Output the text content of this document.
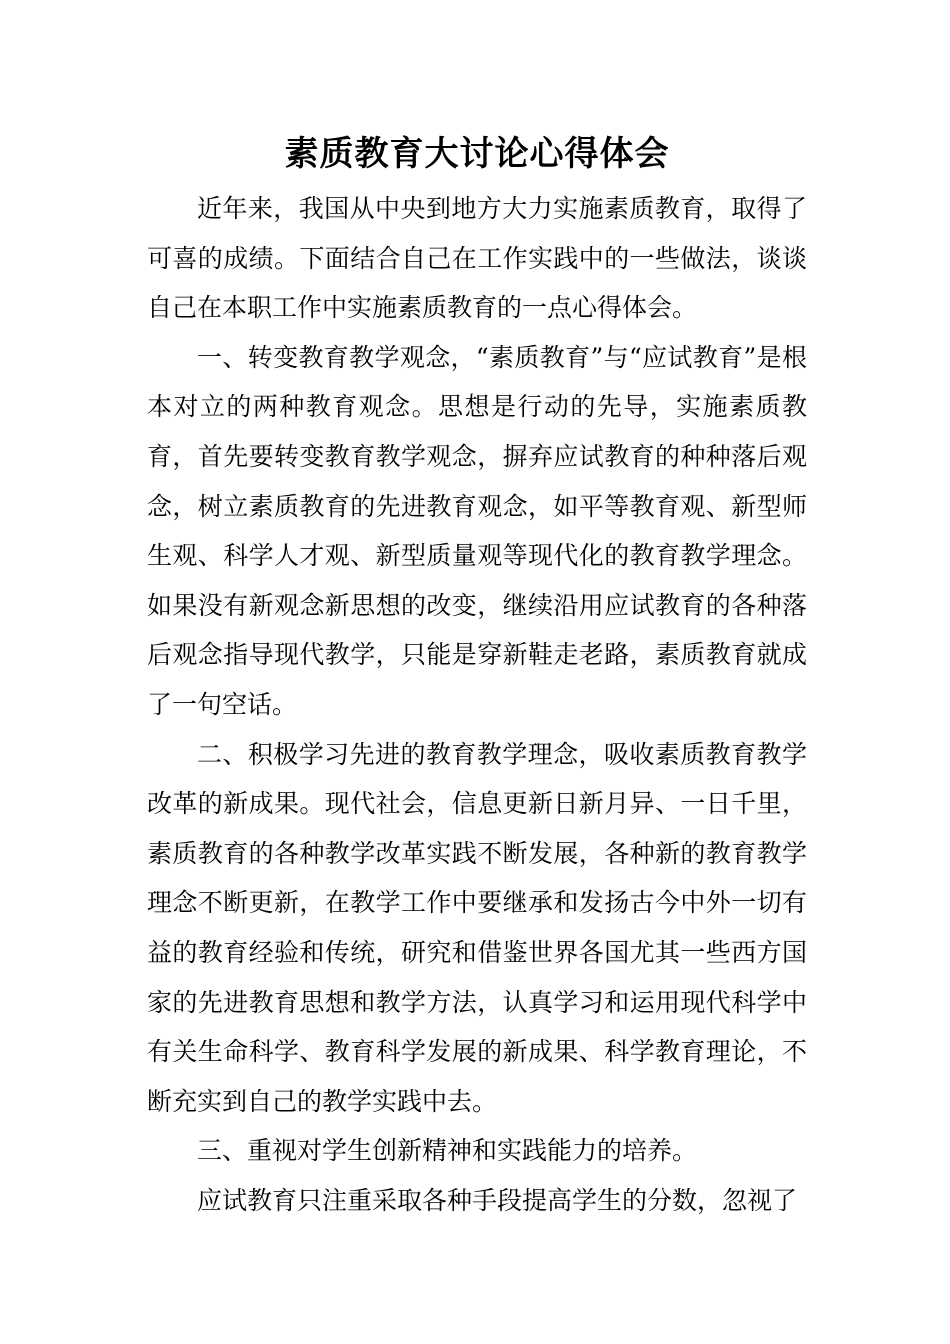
素质教育大讨论心得体会

近年来，我国从中央到地方大力实施素质教育，取得了可喜的成绩。下面结合自己在工作实践中的一些做法，谈谈自己在本职工作中实施素质教育的一点心得体会。

一、转变教育教学观念，“素质教育”与“应试教育”是根本对立的两种教育观念。思想是行动的先导，实施素质教育，首先要转变教育教学观念，摒弃应试教育的种种落后观念，树立素质教育的先进教育观念，如平等教育观、新型师生观、科学人才观、新型质量观等现代化的教育教学理念。如果没有新观念新思想的改变，继续沿用应试教育的各种落后观念指导现代教学，只能是穿新鞋走老路，素质教育就成了一句空话。

二、积极学习先进的教育教学理念，吸收素质教育教学改革的新成果。现代社会，信息更新日新月异、一日千里，素质教育的各种教学改革实践不断发展，各种新的教育教学理念不断更新，在教学工作中要继承和发扬古今中外一切有益的教育经验和传统，研究和借鉴世界各国尤其一些西方国家的先进教育思想和教学方法，认真学习和运用现代科学中有关生命科学、教育科学发展的新成果、科学教育理论，不断充实到自己的教学实践中去。

三、重视对学生创新精神和实践能力的培养。

应试教育只注重采取各种手段提高学生的分数，忽视了
